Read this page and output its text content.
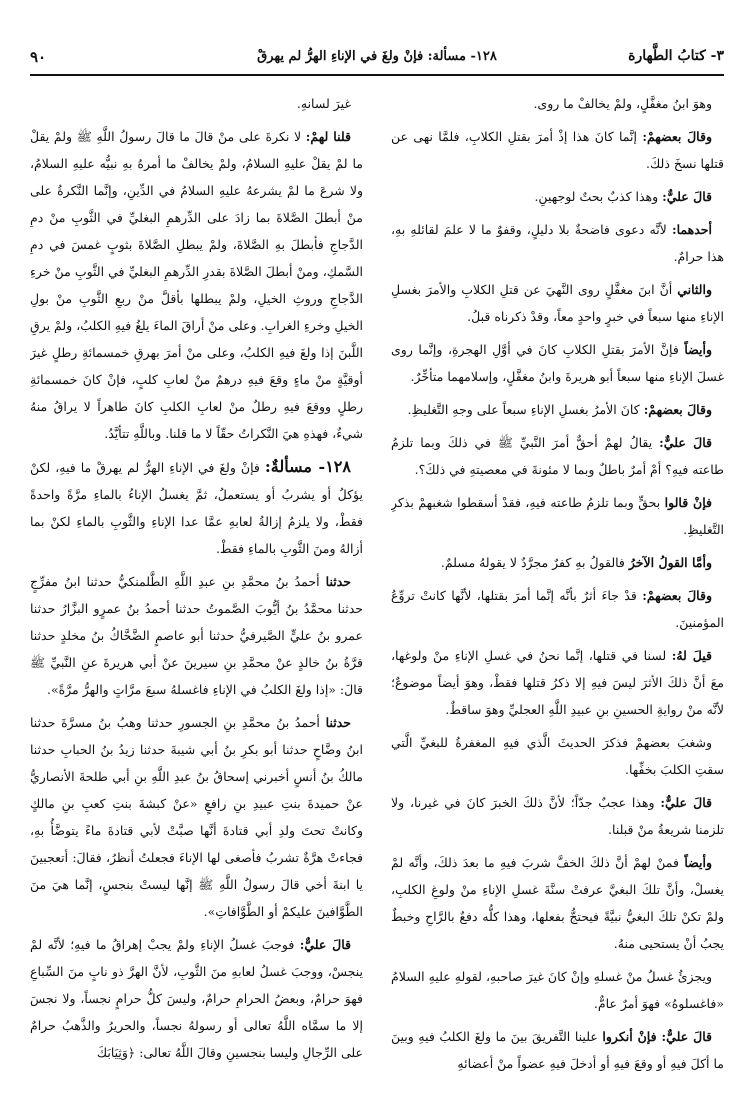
٣- كتابُ الطَّهارة
١٢٨- مسألة: فإنْ ولغَ في الإناءِ الهرُّ لم يهرقْ
٩٠

وهوَ ابنُ مغفَّلٍ، ولمْ يخالفْ ما روى.

وقالَ بعضهمْ: إنَّما كانَ هذا إذْ أمرَ بقتلِ الكلابِ، فلمَّا نهى عن قتلها نسخَ ذلكَ.

قالَ عليٌّ: وهذا كذبٌ بحتٌ لوجهينِ.

أحدهما: لأنَّه دعوى فاضحةٌ بلا دليلٍ، وقفوٌ ما لا علمَ لقائلهِ بهِ، هذا حرامٌ.

والثاني أنَّ ابنَ مغفَّلٍ روى النَّهيَ عن قتلِ الكلابِ والأمرَ بغسلِ الإناءِ منها سبعاً في خبرٍ واحدٍ معاً، وقدْ ذكرناه قبلُ.

وأيضاً فإنَّ الأمرَ بقتلِ الكلابِ كانَ في أوَّلِ الهجرةِ، وإنَّما روى غسلَ الإناءِ منها سبعاً أبو هريرةَ وابنُ مغفَّلٍ، وإسلامهما متأخِّرٌ.

وقالَ بعضهمْ: كانَ الأمرُ بغسلِ الإناءِ سبعاً على وجهِ التَّغليظِ.

قالَ عليٌّ: يقالُ لهمْ أحقٌّ أمرَ النَّبيِّ ﷺ في ذلكَ وبما تلزمُ طاعته فيهِ؟ أمْ أمرٌ باطلٌ وبما لا مئونةَ في معصيتهِ في ذلكَ؟.

فإنْ قالوا بحقٍّ وبما تلزمُ طاعته فيهِ، فقدْ أسقطوا شغبهمْ بذكرِ التَّغليظِ.

وأمَّا القولُ الآخرُ فالقولُ بهِ كفرٌ مجرَّدٌ لا يقولهُ مسلمٌ.

وقالَ بعضهمْ: قدْ جاءَ أثرٌ بأنَّه إنَّما أمرَ بقتلها، لأنَّها كانتْ تروِّعُ المؤمنينَ.

قيلَ لهُ: لسنا في قتلها، إنَّما نحنُ في غسلِ الإناءِ منْ ولوغها، معَ أنَّ ذلكَ الأثرَ ليسَ فيهِ إلا ذكرُ قتلها فقطْ، وهوَ أيضاً موضوعٌ؛ لأنَّه منْ روايةِ الحسينِ بنِ عبيدِ اللَّهِ العجليِّ وهوَ ساقطٌ.

وشغبَ بعضهمْ فذكرَ الحديثَ الَّذي فيهِ المغفرةُ للبغيِّ الَّتي سقتِ الكلبَ بخفِّها.

قالَ عليٌّ: وهذا عجبٌ جدّاً؛ لأنَّ ذلكَ الخبرَ كانَ في غيرنا، ولا تلزمنا شريعةُ منْ قبلنا.

وأيضاً فمنْ لهمْ أنَّ ذلكَ الخفَّ شربَ فيهِ ما بعدَ ذلكَ، وأنَّه لمْ يغسلْ، وأنَّ تلكَ البغيَّ عرفتْ سنَّةَ غسلِ الإناءِ منْ ولوغِ الكلبِ، ولمْ تكنْ تلكَ البغيُّ نبيَّةً فيحتجُّ بفعلها، وهذا كلُّه دفعٌ بالرَّاحِ وخبطٌ يجبُ أنْ يستحيى منهُ.

ويجزئُ غسلُ منْ غسلهِ وإنْ كانَ غيرَ صاحبهِ، لقولهِ عليهِ السلامُ «فاغسلوهُ» فهوَ أمرٌ عامٌّ.

قالَ عليٌّ: فإنْ أنكروا علينا التَّفريقَ بينَ ما ولغَ الكلبُ فيهِ وبينَ ما أكلَ فيهِ أو وقعَ فيهِ أو أدخلَ فيهِ عضواً منْ أعضائهِ

غيرَ لسانهِ.

قلنا لهمْ: لا نكرةَ على منْ قالَ ما قالَ رسولُ اللَّهِ ﷺ ولمْ يقلْ ما لمْ يقلْ عليهِ السلامُ، ولمْ يخالفْ ما أمرهُ بهِ نبيُّه عليهِ السلامُ، ولا شرعَ ما لمْ يشرعهُ عليهِ السلامُ في الدِّينِ، وإنَّما النَّكرةُ على منْ أبطلَ الصَّلاةَ بما زادَ على الدِّرهمِ البغليِّ في الثَّوبِ منْ دمِ الدَّجاجِ فأبطلَ بهِ الصَّلاةَ، ولمْ يبطلِ الصَّلاةَ بثوبٍ غمسَ في دمِ السَّمكِ، ومنْ أبطلَ الصَّلاةَ بقدرِ الدِّرهمِ البغليِّ في الثَّوبِ منْ خرءِ الدَّجاجِ وروثِ الخيلِ، ولمْ يبطلها بأقلَّ منْ ربعِ الثَّوبِ منْ بولِ الخيلِ وخرءِ الغرابِ. وعلى منْ أراقَ الماءَ يلغُ فيهِ الكلبُ، ولمْ يرقِ اللَّبنَ إذا ولغَ فيهِ الكلبُ، وعلى منْ أمرَ بهرقِ خمسمائةِ رطلٍ غيرَ أوقيَّةٍ منْ ماءٍ وقعَ فيهِ درهمٌ منْ لعابِ كلبٍ، فإنْ كانَ خمسمائةِ رطلٍ ووقعَ فيهِ رطلٌ منْ لعابِ الكلبِ كانَ طاهراً لا يراقُ منهُ شيءٌ، فهذهِ هيَ النَّكراتُ حقّاً لا ما قلنا. وباللَّهِ تتأيَّدُ.

١٢٨- مسألةٌ: فإنْ ولغَ في الإناءِ الهرُّ لم يهرقْ ما فيهِ، لكنْ يؤكلُ أو يشربُ أو يستعملُ، ثمَّ يغسلُ الإناءُ بالماءِ مرَّةً واحدةً فقطْ، ولا يلزمُ إزالةُ لعابهِ عمَّا عدا الإناءِ والثَّوبِ بالماءِ لكنْ بما أزالهُ ومنَ الثَّوبِ بالماءِ فقطْ.

حدثنا أحمدُ بنُ محمَّدِ بنِ عبدِ اللَّهِ الطَّلمنكيُّ حدثنا ابنُ مفرِّجٍ حدثنا محمَّدُ بنُ أيُّوبَ الصَّموتُ حدثنا أحمدُ بنُ عمرٍو البزَّارُ حدثنا عمرو بنُ عليٍّ الصَّيرفيُّ حدثنا أبو عاصمٍ الضَّحَّاكُ بنُ مخلدٍ حدثنا قرَّةُ بنُ خالدٍ عنْ محمَّدِ بنِ سيرينَ عنْ أبي هريرةَ عنِ النَّبيِّ ﷺ قالَ: «إذا ولغَ الكلبُ في الإناءِ فاغسلهُ سبعَ مرَّاتٍ والهرُّ مرَّةً».

حدثنا أحمدُ بنُ محمَّدِ بنِ الجسورِ حدثنا وهبُ بنُ مسرَّةَ حدثنا ابنُ وضَّاحٍ حدثنا أبو بكرِ بنُ أبي شيبةَ حدثنا زيدُ بنُ الحبابِ حدثنا مالكُ بنُ أنسٍ أخبرني إسحاقُ بنُ عبدِ اللَّهِ بنِ أبي طلحةَ الأنصاريُّ عنْ حميدةَ بنتِ عبيدِ بنِ رافعٍ «عنْ كبشةَ بنتِ كعبِ بنِ مالكٍ وكانتْ تحتَ ولدِ أبي قتادةَ أنَّها صبَّتْ لأبي قتادةَ ماءً يتوضَّأُ بهِ، فجاءتْ هرَّةٌ تشربُ فأصغى لها الإناءَ فجعلتُ أنظرُ، فقالَ: أتعجبينَ يا ابنةَ أخي قالَ رسولُ اللَّهِ ﷺ إنَّها ليستْ بنجسٍ، إنَّما هيَ منَ الطَّوَّافينَ عليكمْ أو الطَّوَّافاتِ».

قالَ عليٌّ: فوجبَ غسلُ الإناءِ ولمْ يجبْ إهراقُ ما فيهِ؛ لأنَّه لمْ ينجسْ، ووجبَ غسلُ لعابهِ منَ الثَّوبِ، لأنَّ الهرَّ ذو نابٍ منَ السِّباعِ فهوَ حرامٌ، وبعضُ الحرامِ حرامٌ، وليسَ كلُّ حرامٍ نجساً، ولا نجسَ إلا ما سمَّاه اللَّهُ تعالى أو رسولهُ نجساً، والحريرُ والذَّهبُ حرامٌ على الرِّجالِ وليسا بنجسينِ وقالَ اللَّهُ تعالى: ﴿وَثِيَابَكَ
